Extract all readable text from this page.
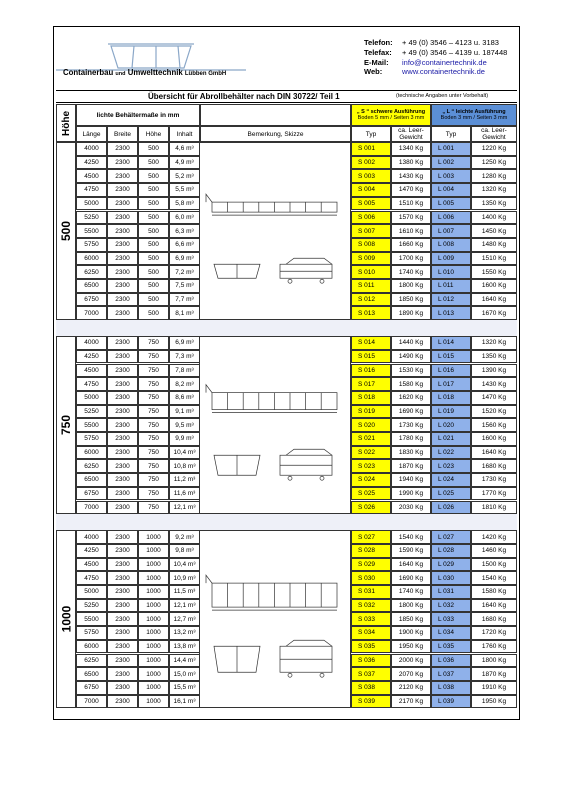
Containerbau und Umwelttechnik Lübben GmbH
Telefon: + 49 (0) 3546 – 4123 u. 3183
Telefax: + 49 (0) 3546 – 4139 u. 187448
E-Mail: info@containertechnik.de
Web:	www.containertechnik.de
Übersicht für Abrollbehälter nach DIN 30722/ Teil 1	(technische Angaben unter Vorbehalt)
Höhe	lichte Behältermaße in mm	„ S “ schwere Ausführung
Boden 5 mm / Seiten 3 mm
„ L “ leichte Ausführung
Boden 3 mm / Seiten 3 mm
Länge	Breite	Höhe	Inhalt	Bemerkung, Skizze	Typ	ca. Leer-Gewicht	Typ	ca. Leer-Gewicht
500
4000	2300	500	4,6 m³	S 001	1340 Kg	L 001	1220 Kg
4250	2300	500	4,9 m³	S 002	1380 Kg	L 002	1250 Kg
4500	2300	500	5,2 m³	S 003	1430 Kg	L 003	1280 Kg
4750	2300	500	5,5 m³	S 004	1470 Kg	L 004	1320 Kg
5000	2300	500	5,8 m³	S 005	1510 Kg	L 005	1350 Kg
5250	2300	500	6,0 m³	S 006	1570 Kg	L 006	1400 Kg
5500	2300	500	6,3 m³	S 007	1610 Kg	L 007	1450 Kg
5750	2300	500	6,6 m³	S 008	1660 Kg	L 008	1480 Kg
6000	2300	500	6,9 m³	S 009	1700 Kg	L 009	1510 Kg
6250	2300	500	7,2 m³	S 010	1740 Kg	L 010	1550 Kg
6500	2300	500	7,5 m³	S 011	1800 Kg	L 011	1600 Kg
6750	2300	500	7,7 m³	S 012	1850 Kg	L 012	1640 Kg
7000	2300	500	8,1 m³	S 013	1890 Kg	L 013	1670 Kg
750
4000	2300	750	6,9 m³	S 014	1440 Kg	L 014	1320 Kg
4250	2300	750	7,3 m³	S 015	1490 Kg	L 015	1350 Kg
4500	2300	750	7,8 m³	S 016	1530 Kg	L 016	1390 Kg
4750	2300	750	8,2 m³	S 017	1580 Kg	L 017	1430 Kg
5000	2300	750	8,6 m³	S 018	1620 Kg	L 018	1470 Kg
5250	2300	750	9,1 m³	S 019	1690 Kg	L 019	1520 Kg
5500	2300	750	9,5 m³	S 020	1730 Kg	L 020	1560 Kg
5750	2300	750	9,9 m³	S 021	1780 Kg	L 021	1600 Kg
6000	2300	750	10,4 m³	S 022	1830 Kg	L 022	1640 Kg
6250	2300	750	10,8 m³	S 023	1870 Kg	L 023	1680 Kg
6500	2300	750	11,2 m³	S 024	1940 Kg	L 024	1730 Kg
6750	2300	750	11,6 m³	S 025	1990 Kg	L 025	1770 Kg
7000	2300	750	12,1 m³	S 026	2030 Kg	L 026	1810 Kg
1000
4000	2300	1000	9,2 m³	S 027	1540 Kg	L 027	1420 Kg
4250	2300	1000	9,8 m³	S 028	1590 Kg	L 028	1460 Kg
4500	2300	1000	10,4 m³	S 029	1640 Kg	L 029	1500 Kg
4750	2300	1000	10,9 m³	S 030	1690 Kg	L 030	1540 Kg
5000	2300	1000	11,5 m³	S 031	1740 Kg	L 031	1580 Kg
5250	2300	1000	12,1 m³	S 032	1800 Kg	L 032	1640 Kg
5500	2300	1000	12,7 m³	S 033	1850 Kg	L 033	1680 Kg
5750	2300	1000	13,2 m³	S 034	1900 Kg	L 034	1720 Kg
6000	2300	1000	13,8 m³	S 035	1950 Kg	L 035	1760 Kg
6250	2300	1000	14,4 m³	S 036	2000 Kg	L 036	1800 Kg
6500	2300	1000	15,0 m³	S 037	2070 Kg	L 037	1870 Kg
6750	2300	1000	15,5 m³	S 038	2120 Kg	L 038	1910 Kg
7000	2300	1000	16,1 m³	S 039	2170 Kg	L 039	1950 Kg
